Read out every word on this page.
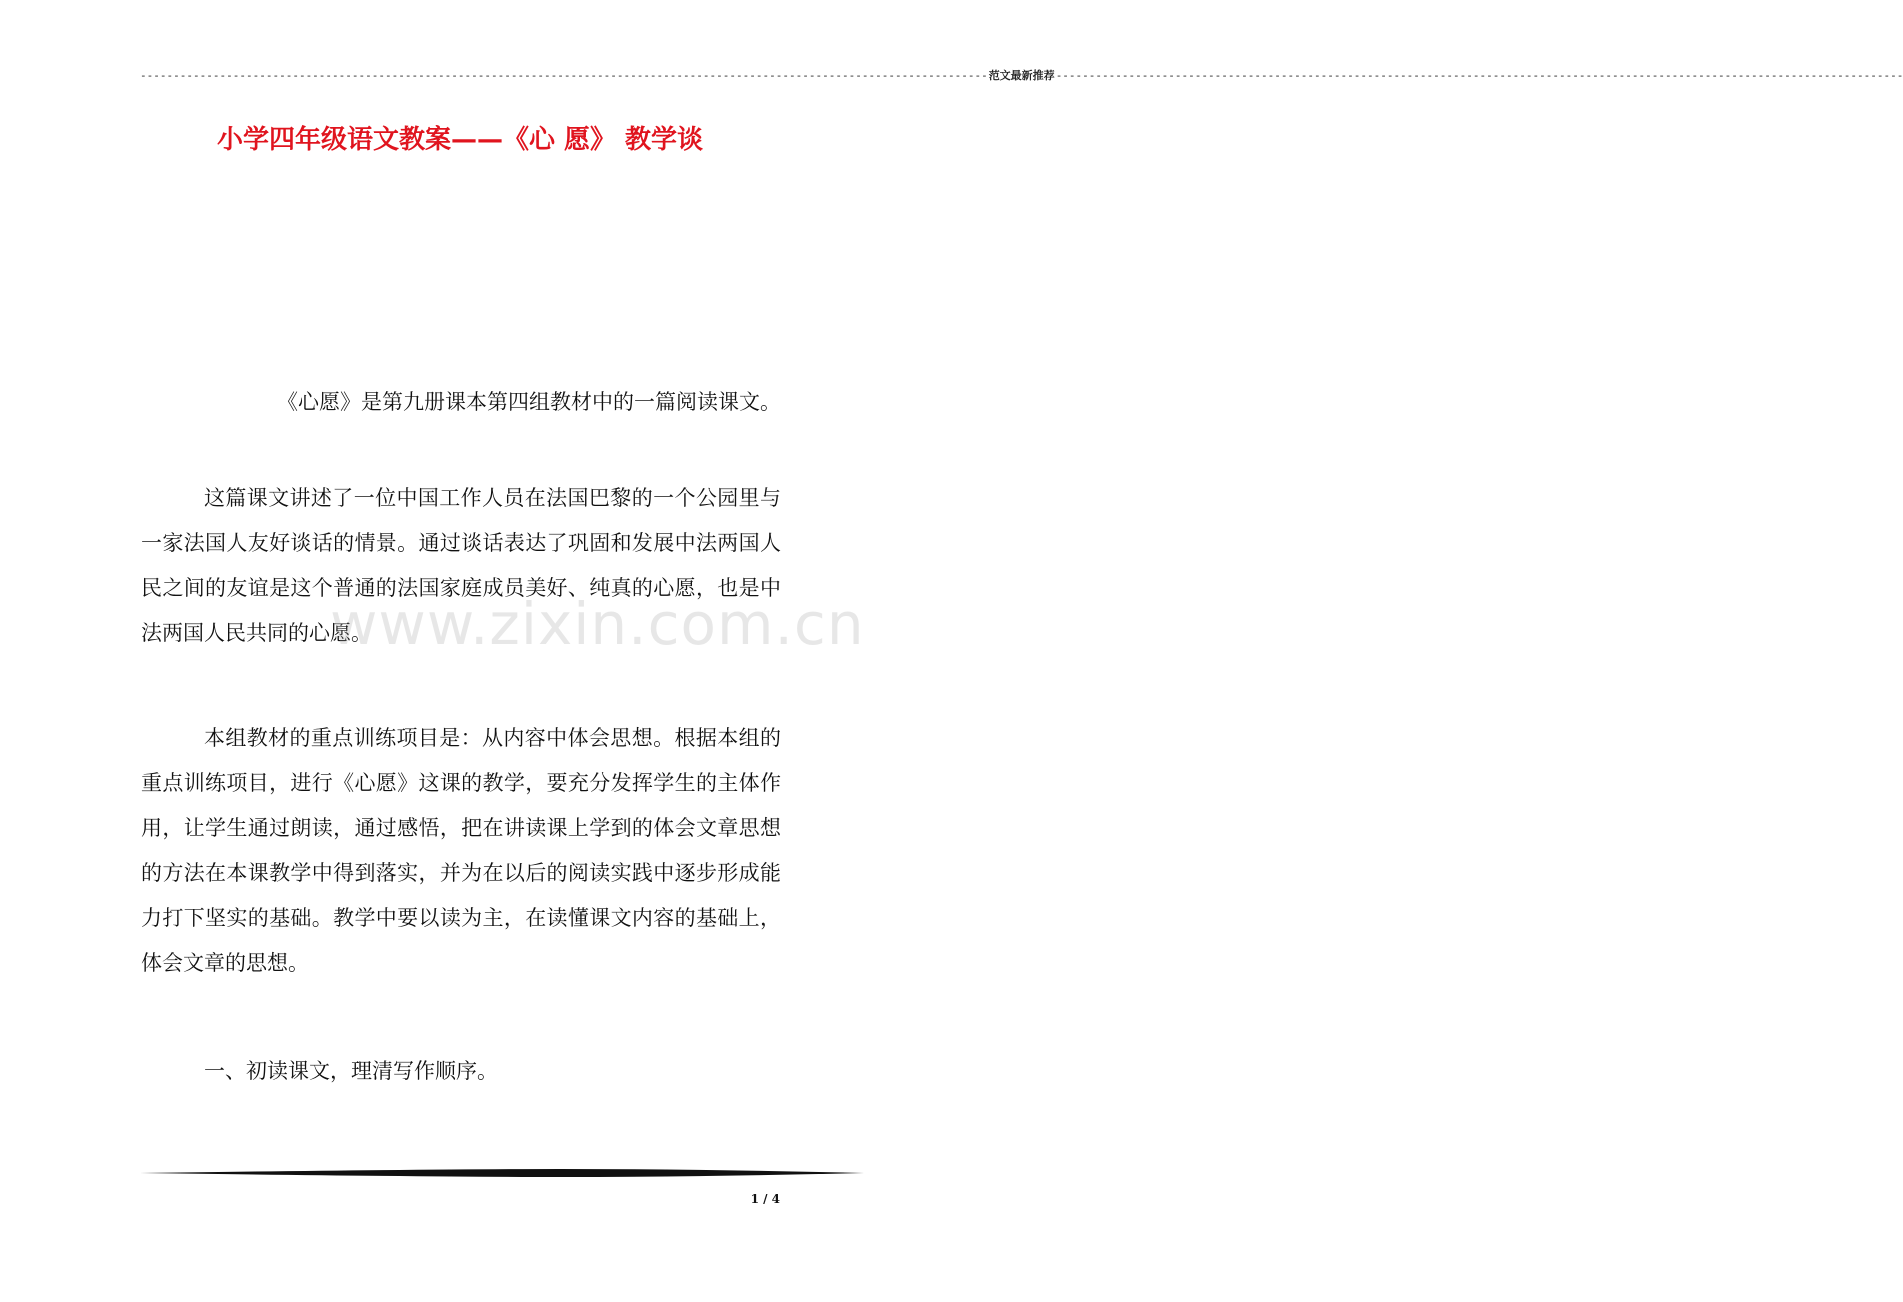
-------------------------------------------------------------------------------------------------------------------------------- 范文最新推荐 --------------------------------------------------------------------------------------------------------------------------------
小学四年级语文教案——《心 愿》 教学谈

《心愿》是第九册课本第四组教材中的一篇阅读课文。

这篇课文讲述了一位中国工作人员在法国巴黎的一个公园里与一家法国人友好谈话的情景。通过谈话表达了巩固和发展中法两国人民之间的友谊是这个普通的法国家庭成员美好、纯真的心愿，也是中法两国人民共同的心愿。

本组教材的重点训练项目是：从内容中体会思想。根据本组的重点训练项目，进行《心愿》这课的教学，要充分发挥学生的主体作用，让学生通过朗读，通过感悟，把在讲读课上学到的体会文章思想的方法在本课教学中得到落实，并为在以后的阅读实践中逐步形成能力打下坚实的基础。教学中要以读为主，在读懂课文内容的基础上，体会文章的思想。

一、初读课文，理清写作顺序。

www.zixin.com.cn
1 / 4
